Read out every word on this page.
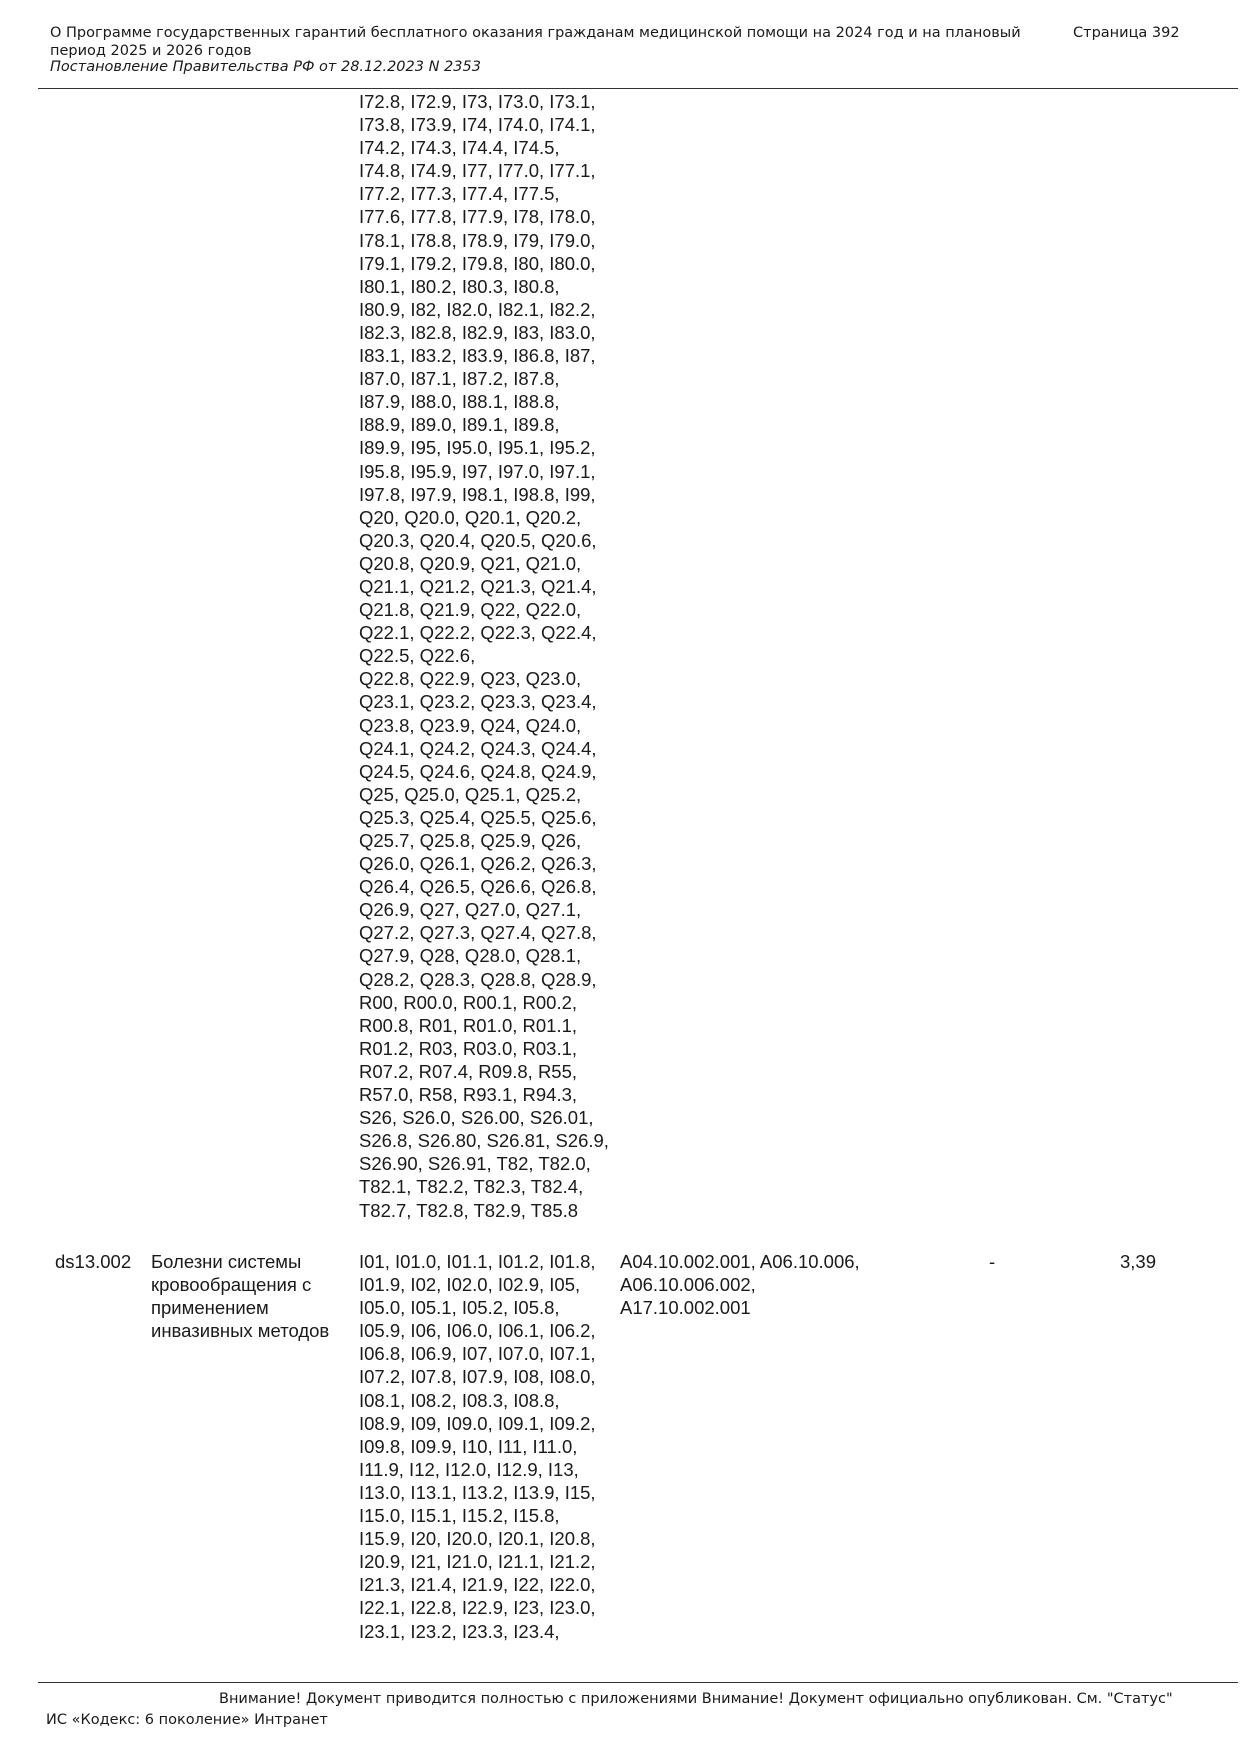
О Программе государственных гарантий бесплатного оказания гражданам медицинской помощи на 2024 год и на плановый период 2025 и 2026 годов
Страница 392
Постановление Правительства РФ от 28.12.2023 N 2353
I72.8, I72.9, I73, I73.0, I73.1,
I73.8, I73.9, I74, I74.0, I74.1,
I74.2, I74.3, I74.4, I74.5,
I74.8, I74.9, I77, I77.0, I77.1,
I77.2, I77.3, I77.4, I77.5,
I77.6, I77.8, I77.9, I78, I78.0,
I78.1, I78.8, I78.9, I79, I79.0,
I79.1, I79.2, I79.8, I80, I80.0,
I80.1, I80.2, I80.3, I80.8,
I80.9, I82, I82.0, I82.1, I82.2,
I82.3, I82.8, I82.9, I83, I83.0,
I83.1, I83.2, I83.9, I86.8, I87,
I87.0, I87.1, I87.2, I87.8,
I87.9, I88.0, I88.1, I88.8,
I88.9, I89.0, I89.1, I89.8,
I89.9, I95, I95.0, I95.1, I95.2,
I95.8, I95.9, I97, I97.0, I97.1,
I97.8, I97.9, I98.1, I98.8, I99,
Q20, Q20.0, Q20.1, Q20.2,
Q20.3, Q20.4, Q20.5, Q20.6,
Q20.8, Q20.9, Q21, Q21.0,
Q21.1, Q21.2, Q21.3, Q21.4,
Q21.8, Q21.9, Q22, Q22.0,
Q22.1, Q22.2, Q22.3, Q22.4,
Q22.5, Q22.6,
Q22.8, Q22.9, Q23, Q23.0,
Q23.1, Q23.2, Q23.3, Q23.4,
Q23.8, Q23.9, Q24, Q24.0,
Q24.1, Q24.2, Q24.3, Q24.4,
Q24.5, Q24.6, Q24.8, Q24.9,
Q25, Q25.0, Q25.1, Q25.2,
Q25.3, Q25.4, Q25.5, Q25.6,
Q25.7, Q25.8, Q25.9, Q26,
Q26.0, Q26.1, Q26.2, Q26.3,
Q26.4, Q26.5, Q26.6, Q26.8,
Q26.9, Q27, Q27.0, Q27.1,
Q27.2, Q27.3, Q27.4, Q27.8,
Q27.9, Q28, Q28.0, Q28.1,
Q28.2, Q28.3, Q28.8, Q28.9,
R00, R00.0, R00.1, R00.2,
R00.8, R01, R01.0, R01.1,
R01.2, R03, R03.0, R03.1,
R07.2, R07.4, R09.8, R55,
R57.0, R58, R93.1, R94.3,
S26, S26.0, S26.00, S26.01,
S26.8, S26.80, S26.81, S26.9,
S26.90, S26.91, T82, T82.0,
T82.1, T82.2, T82.3, T82.4,
T82.7, T82.8, T82.9, T85.8
ds13.002 Болезни системы
кровообращения с
применением
инвазивных методов
I01, I01.0, I01.1, I01.2, I01.8,
I01.9, I02, I02.0, I02.9, I05,
I05.0, I05.1, I05.2, I05.8,
I05.9, I06, I06.0, I06.1, I06.2,
I06.8, I06.9, I07, I07.0, I07.1,
I07.2, I07.8, I07.9, I08, I08.0,
I08.1, I08.2, I08.3, I08.8,
I08.9, I09, I09.0, I09.1, I09.2,
I09.8, I09.9, I10, I11, I11.0,
I11.9, I12, I12.0, I12.9, I13,
I13.0, I13.1, I13.2, I13.9, I15,
I15.0, I15.1, I15.2, I15.8,
I15.9, I20, I20.0, I20.1, I20.8,
I20.9, I21, I21.0, I21.1, I21.2,
I21.3, I21.4, I21.9, I22, I22.0,
I22.1, I22.8, I22.9, I23, I23.0,
I23.1, I23.2, I23.3, I23.4,
A04.10.002.001, A06.10.006,
A06.10.006.002,
A17.10.002.001
-	3,39
Внимание! Документ приводится полностью с приложениями Внимание! Документ официально опубликован. См. "Статус"
ИС «Кодекс: 6 поколение» Интранет
